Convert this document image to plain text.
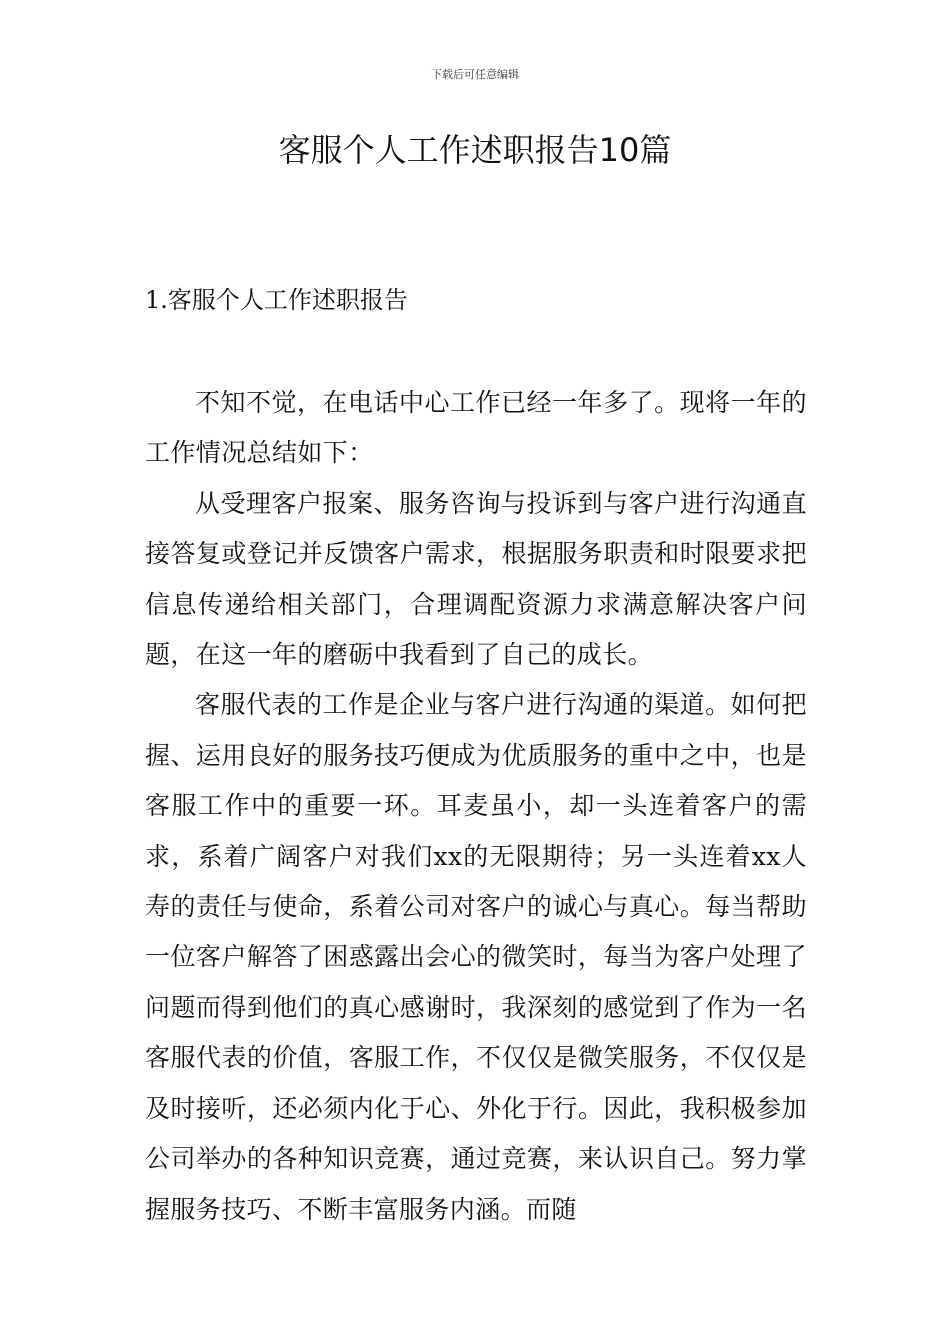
下载后可任意编辑
客服个人工作述职报告10篇
1.客服个人工作述职报告

不知不觉，在电话中心工作已经一年多了。现将一年的工作情况总结如下：

从受理客户报案、服务咨询与投诉到与客户进行沟通直接答复或登记并反馈客户需求，根据服务职责和时限要求把信息传递给相关部门，合理调配资源力求满意解决客户问题，在这一年的磨砺中我看到了自己的成长。

客服代表的工作是企业与客户进行沟通的渠道。如何把握、运用良好的服务技巧便成为优质服务的重中之中，也是客服工作中的重要一环。耳麦虽小，却一头连着客户的需求，系着广阔客户对我们xx的无限期待；另一头连着xx人寿的责任与使命，系着公司对客户的诚心与真心。每当帮助一位客户解答了困惑露出会心的微笑时，每当为客户处理了问题而得到他们的真心感谢时，我深刻的感觉到了作为一名客服代表的价值，客服工作，不仅仅是微笑服务，不仅仅是及时接听，还必须内化于心、外化于行。因此，我积极参加公司举办的各种知识竞赛，通过竞赛，来认识自己。努力掌握服务技巧、不断丰富服务内涵。而随
